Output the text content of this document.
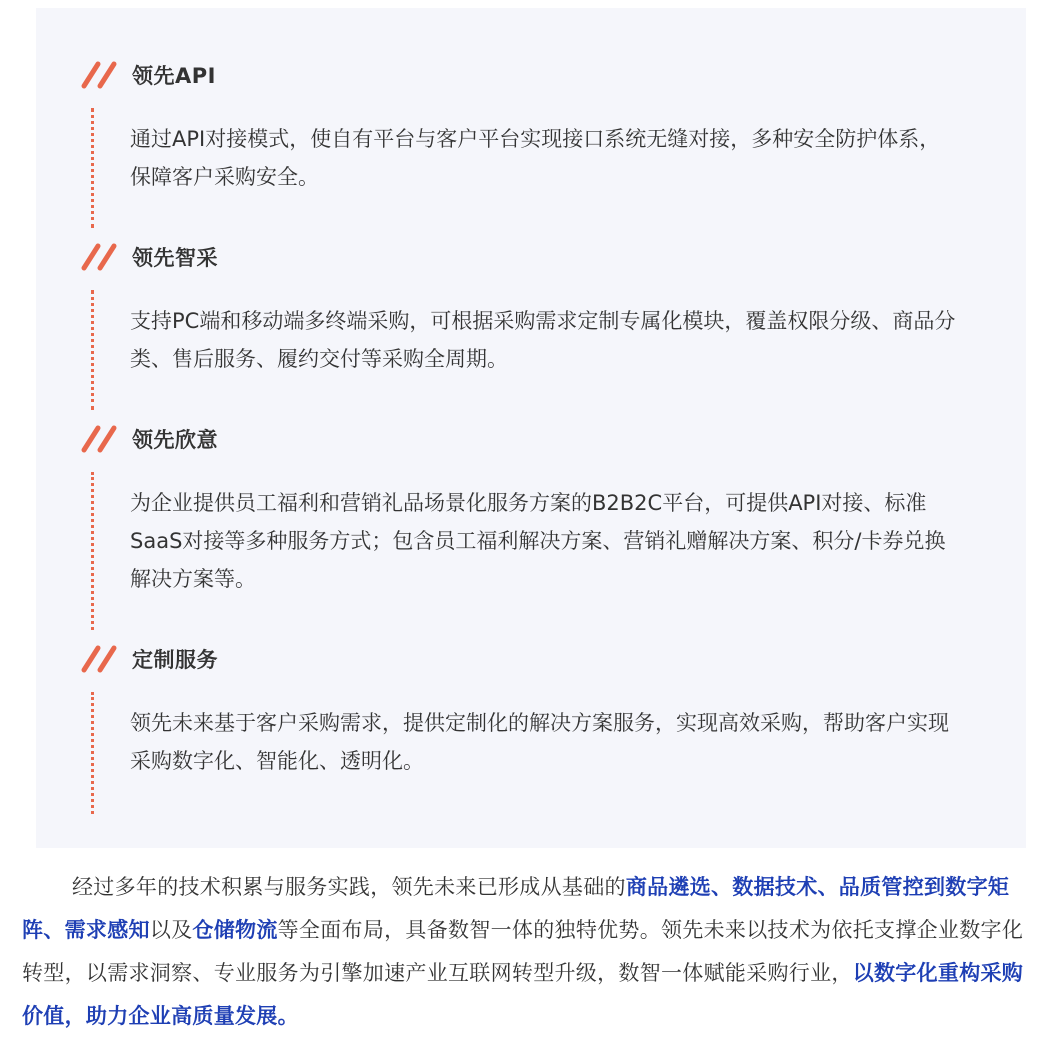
领先API

通过API对接模式，使自有平台与客户平台实现接口系统无缝对接，多种安全防护体系，保障客户采购安全。

领先智采

支持PC端和移动端多终端采购，可根据采购需求定制专属化模块，覆盖权限分级、商品分类、售后服务、履约交付等采购全周期。

领先欣意

为企业提供员工福利和营销礼品场景化服务方案的B2B2C平台，可提供API对接、标准SaaS对接等多种服务方式；包含员工福利解决方案、营销礼赠解决方案、积分/卡券兑换解决方案等。

定制服务

领先未来基于客户采购需求，提供定制化的解决方案服务，实现高效采购，帮助客户实现采购数字化、智能化、透明化。

经过多年的技术积累与服务实践，领先未来已形成从基础的商品遴选、数据技术、品质管控到数字矩阵、需求感知以及仓储物流等全面布局，具备数智一体的独特优势。领先未来以技术为依托支撑企业数字化转型，以需求洞察、专业服务为引擎加速产业互联网转型升级，数智一体赋能采购行业，以数字化重构采购价值，助力企业高质量发展。
